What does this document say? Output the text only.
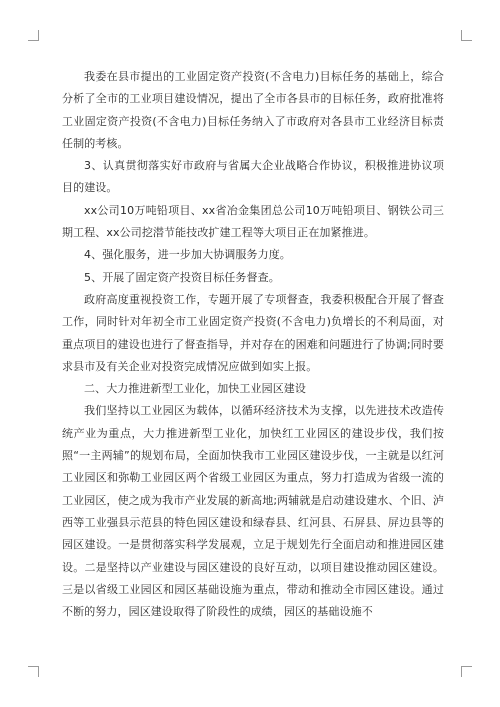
我委在县市提出的工业固定资产投资(不含电力)目标任务的基础上，综合分析了全市的工业项目建设情况，提出了全市各县市的目标任务，政府批准将工业固定资产投资(不含电力)目标任务纳入了市政府对各县市工业经济目标责任制的考核。

3、认真贯彻落实好市政府与省属大企业战略合作协议，积极推进协议项目的建设。

xx公司10万吨铅项目、xx省冶金集团总公司10万吨铅项目、钢铁公司三期工程、xx公司挖潜节能技改扩建工程等大项目正在加紧推进。

4、强化服务，进一步加大协调服务力度。

5、开展了固定资产投资目标任务督查。

政府高度重视投资工作，专题开展了专项督查，我委积极配合开展了督查工作，同时针对年初全市工业固定资产投资(不含电力)负增长的不利局面，对重点项目的建设也进行了督查指导，并对存在的困难和问题进行了协调;同时要求县市及有关企业对投资完成情况应做到如实上报。

二、大力推进新型工业化，加快工业园区建设

我们坚持以工业园区为载体，以循环经济技术为支撑，以先进技术改造传统产业为重点，大力推进新型工业化，加快红工业园区的建设步伐，我们按照“一主两辅”的规划布局，全面加快我市工业园区建设步伐，一主就是以红河工业园区和弥勒工业园区两个省级工业园区为重点，努力打造成为省级一流的工业园区，使之成为我市产业发展的新高地;两辅就是启动建设建水、个旧、泸西等工业强县示范县的特色园区建设和绿春县、红河县、石屏县、屏边县等的园区建设。一是贯彻落实科学发展观，立足于规划先行全面启动和推进园区建设。二是坚持以产业建设与园区建设的良好互动，以项目建设推动园区建设。三是以省级工业园区和园区基础设施为重点，带动和推动全市园区建设。通过不断的努力，园区建设取得了阶段性的成绩，园区的基础设施不
